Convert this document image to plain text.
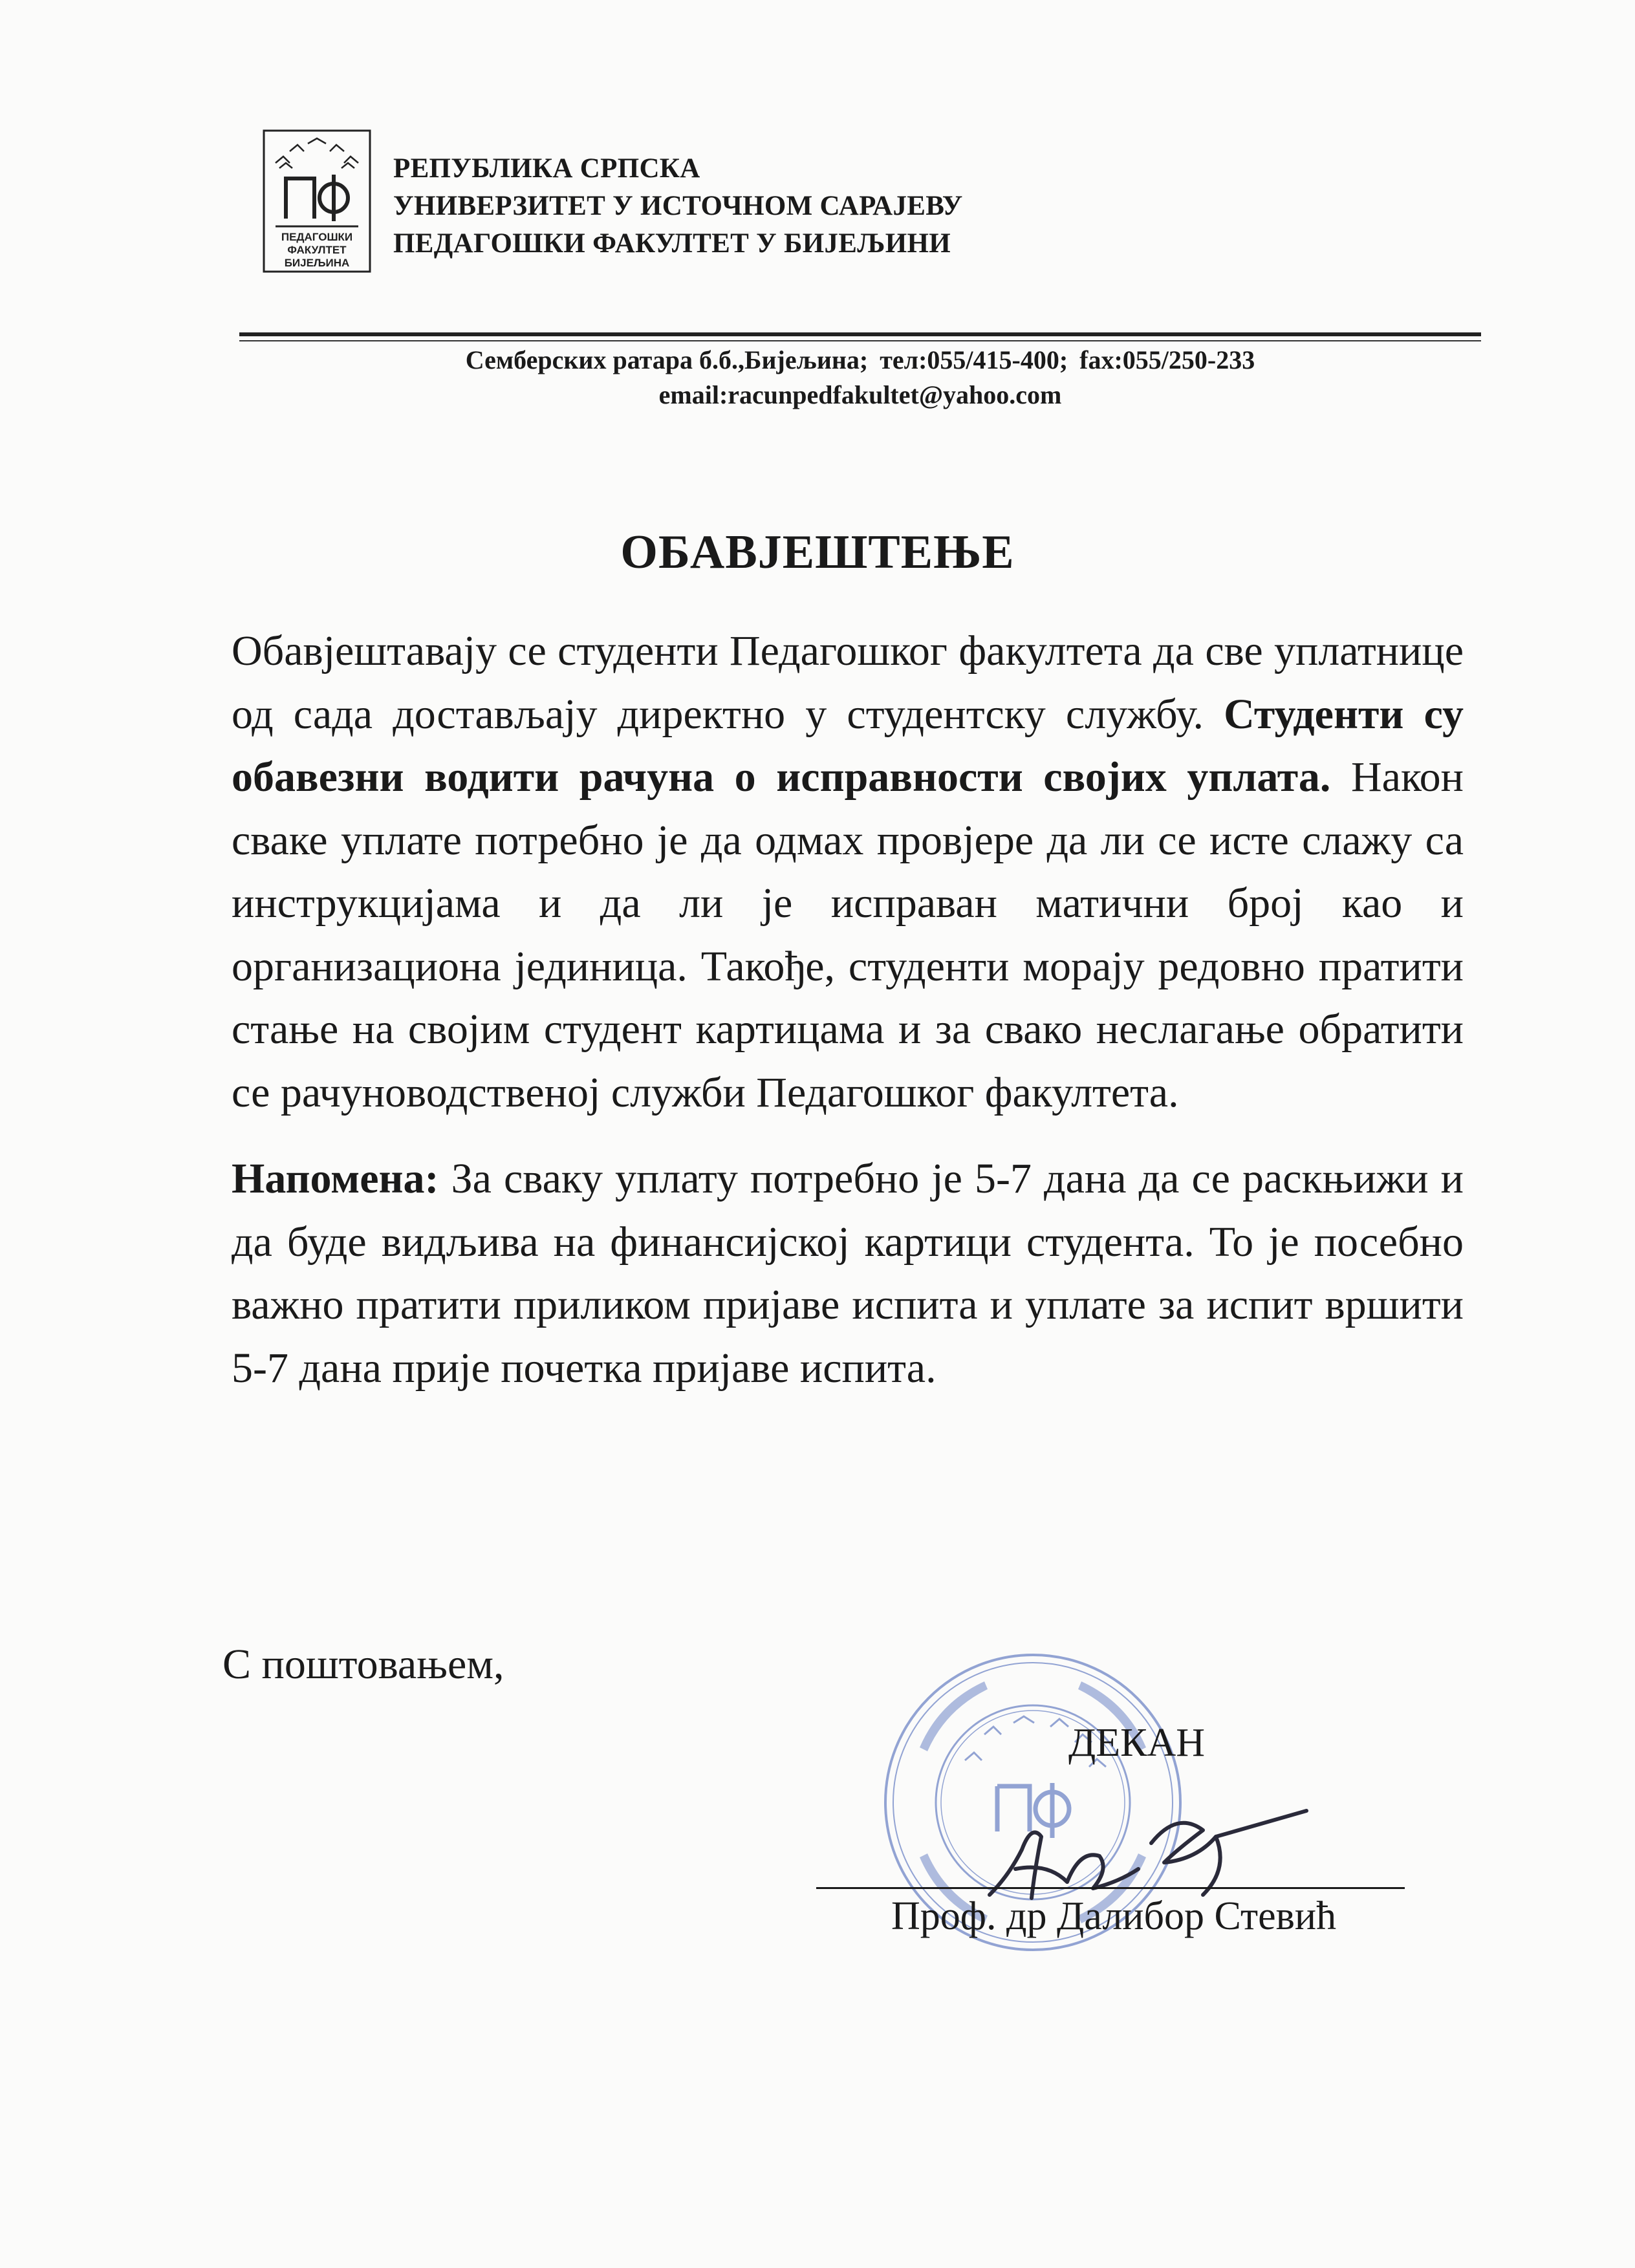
ПЕДАГОШКИ
ФАКУЛТЕТ
БИЈЕЉИНА
РЕПУБЛИКА СРПСКА
УНИВЕРЗИТЕТ У ИСТОЧНОМ САРАЈЕВУ
ПЕДАГОШКИ ФАКУЛТЕТ У БИЈЕЉИНИ
Семберских ратара б.б.,Бијељина; тел:055/415-400; fax:055/250-233
email:racunpedfakultet@yahoo.com
ОБАВЈЕШТЕЊЕ

Обавјештавају се студенти Педагошког факултета да све уплатнице од сада достављају директно у студентску службу. Студенти су обавезни водити рачуна о исправности својих уплата. Након сваке уплате потребно је да одмах провјере да ли се исте слажу са инструкцијама и да ли је исправан матични број као и организациона јединица. Такође, студенти морају редовно пратити стање на својим студент картицама и за свако неслагање обратити се рачуноводственој служби Педагошког факултета.

Напомена: За сваку уплату потребно је 5-7 дана да се раскњижи и да буде видљива на финансијској картици студента. То је посебно важно пратити приликом пријаве испита и уплате за испит вршити 5-7 дана прије почетка пријаве испита.

С поштовањем,
ДЕКАН
Проф. др Далибор Стевић
